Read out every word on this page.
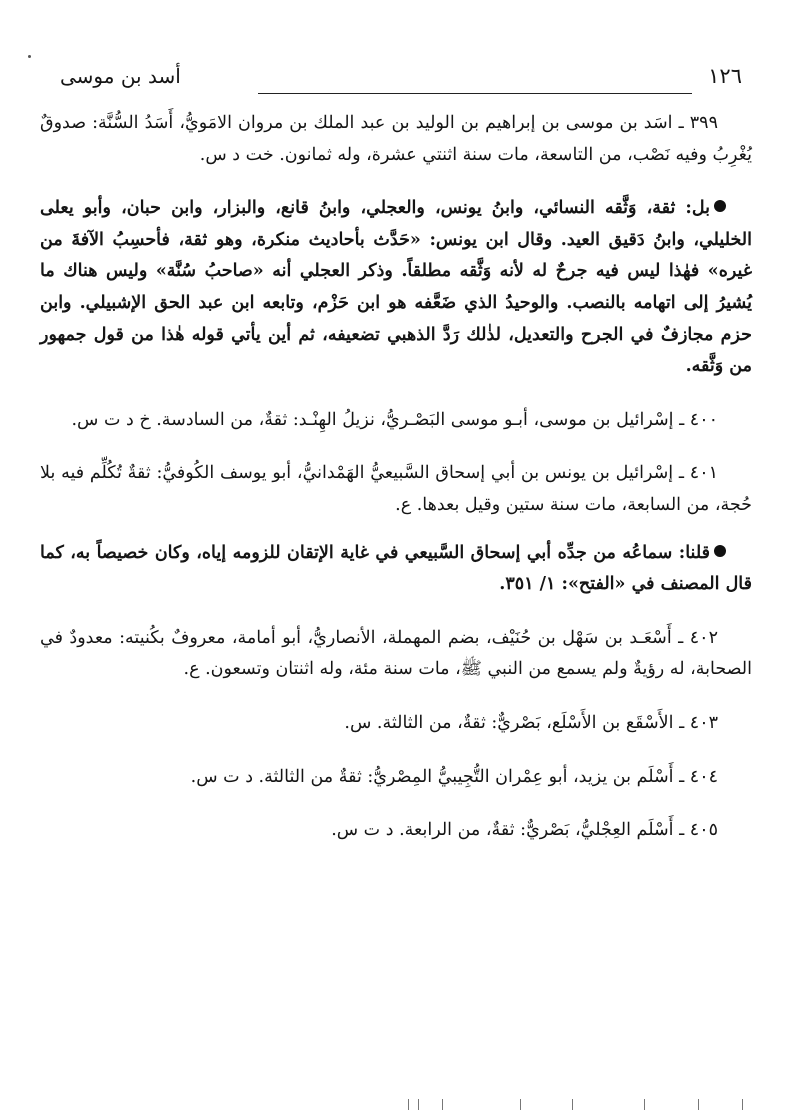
١٢٦
أسد بن موسى

٣٩٩ ـ اسَد بن موسى بن إبراهيم بن الوليد بن عبد الملك بن مروان الامَويُّ، أَسَدُ السُّنَّة: صدوقٌ يُغْرِبُ وفيه نَصْب، من التاسعة، مات سنة اثنتي عشرة، وله ثمانون. خت د س.

بل: ثقة، وَثَّقه النسائي، وابنُ يونس، والعجلي، وابنُ قانع، والبزار، وابن حبان، وأبو يعلى الخليلي، وابنُ دَقيق العيد. وقال ابن يونس: «حَدَّث بأحاديث منكرة، وهو ثقة، فأحسِبُ الآفةَ من غيره» فهٰذا ليس فيه جرحٌ له لأنه وَثَّقه مطلقاً. وذكر العجلي أنه «صاحبُ سُنَّة» وليس هناك ما يُشيرُ إلى اتهامه بالنصب. والوحيدُ الذي ضَعَّفه هو ابن حَزْم، وتابعه ابن عبد الحق الإشبيلي. وابن حزم مجازفٌ في الجرح والتعديل، لذٰلك رَدَّ الذهبي تضعيفه، ثم أين يأتي قوله هٰذا من قول جمهور من وَثَّقه.

٤٠٠ ـ إسْرائيل بن موسى، أبـو موسى البَصْـريُّ، نزيلُ الهِنْـد: ثقةٌ، من السادسة. خ د ت س.

٤٠١ ـ إسْرائيل بن يونس بن أبي إسحاق السَّبيعيُّ الهَمْدانيُّ، أبو يوسف الكُوفيُّ: ثقةٌ تُكُلِّم فيه بلا حُجة، من السابعة، مات سنة ستين وقيل بعدها. ع.

قلنا: سماعُه من جدِّه أبي إسحاق السَّبيعي في غاية الإتقان للزومه إياه، وكان خصيصاً به، كما قال المصنف في «الفتح»: ١/ ٣٥١.

٤٠٢ ـ أَسْعَـد بن سَهْل بن حُنَيْف، بضم المهملة، الأنصاريُّ، أبو أمامة، معروفٌ بكُنيته: معدودٌ في الصحابة، له رؤيةٌ ولم يسمع من النبي ﷺ، مات سنة مئة، وله اثنتان وتسعون. ع.

٤٠٣ ـ الأَسْقَع بن الأَسْلَع، بَصْريٌّ: ثقةٌ، من الثالثة. س.

٤٠٤ ـ أَسْلَم بن يزيد، أبو عِمْران التُّجِيبيُّ المِصْريُّ: ثقةٌ من الثالثة. د ت س.

٤٠٥ ـ أَسْلَم العِجْليُّ، بَصْريٌّ: ثقةٌ، من الرابعة. د ت س.
